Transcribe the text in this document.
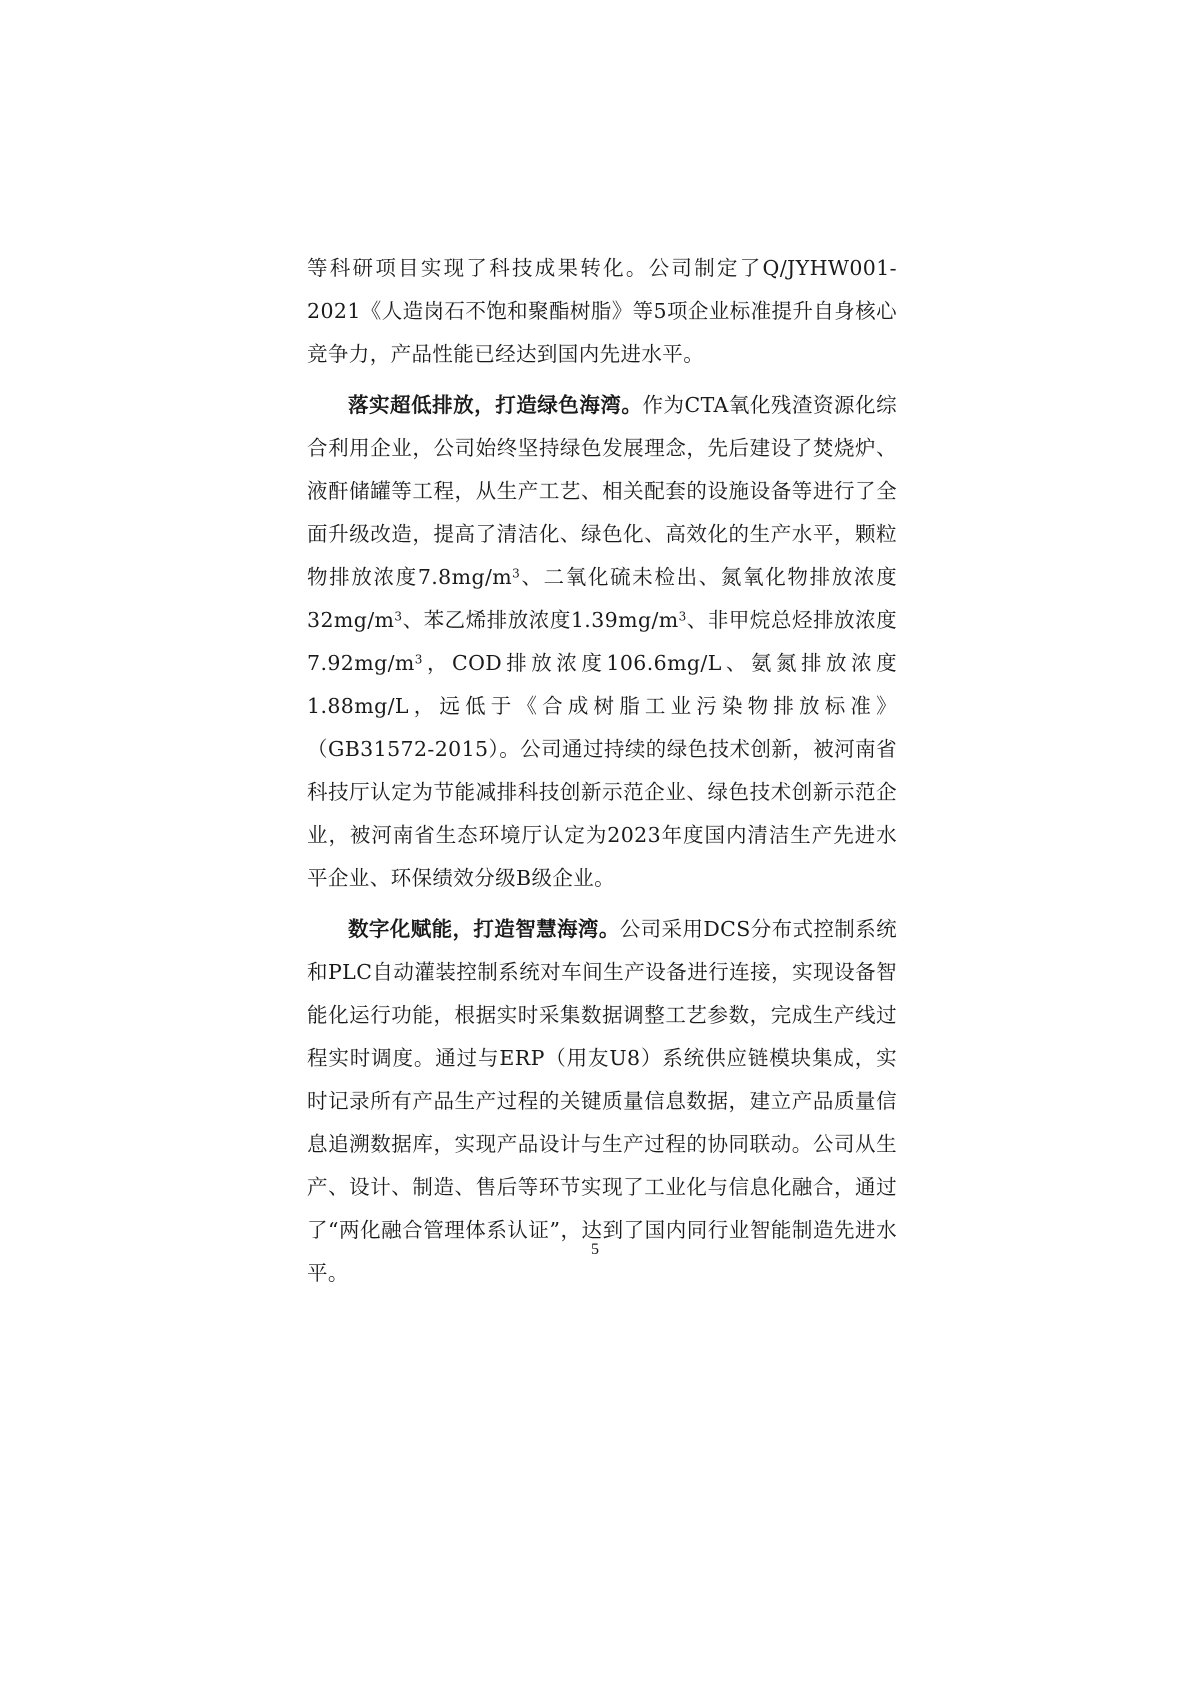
等科研项目实现了科技成果转化。公司制定了Q/JYHW001-2021《人造岗石不饱和聚酯树脂》等5项企业标准提升自身核心竞争力，产品性能已经达到国内先进水平。

落实超低排放，打造绿色海湾。作为CTA氧化残渣资源化综合利用企业，公司始终坚持绿色发展理念，先后建设了焚烧炉、液酐储罐等工程，从生产工艺、相关配套的设施设备等进行了全面升级改造，提高了清洁化、绿色化、高效化的生产水平，颗粒物排放浓度$7.8mg/m^3$、二氧化硫未检出、氮氧化物排放浓度$32mg/m^3$、苯乙烯排放浓度$1.39mg/m^3$、非甲烷总烃排放浓度$7.92mg/m^3$，COD排放浓度106.6mg/L、氨氮排放浓度1.88mg/L，远低于《合成树脂工业污染物排放标准》（GB31572-2015）。公司通过持续的绿色技术创新，被河南省科技厅认定为节能减排科技创新示范企业、绿色技术创新示范企业，被河南省生态环境厅认定为2023年度国内清洁生产先进水平企业、环保绩效分级B级企业。

数字化赋能，打造智慧海湾。公司采用DCS分布式控制系统和PLC自动灌装控制系统对车间生产设备进行连接，实现设备智能化运行功能，根据实时采集数据调整工艺参数，完成生产线过程实时调度。通过与ERP（用友U8）系统供应链模块集成，实时记录所有产品生产过程的关键质量信息数据，建立产品质量信息追溯数据库，实现产品设计与生产过程的协同联动。公司从生产、设计、制造、售后等环节实现了工业化与信息化融合，通过了“两化融合管理体系认证”，达到了国内同行业智能制造先进水平。

5
